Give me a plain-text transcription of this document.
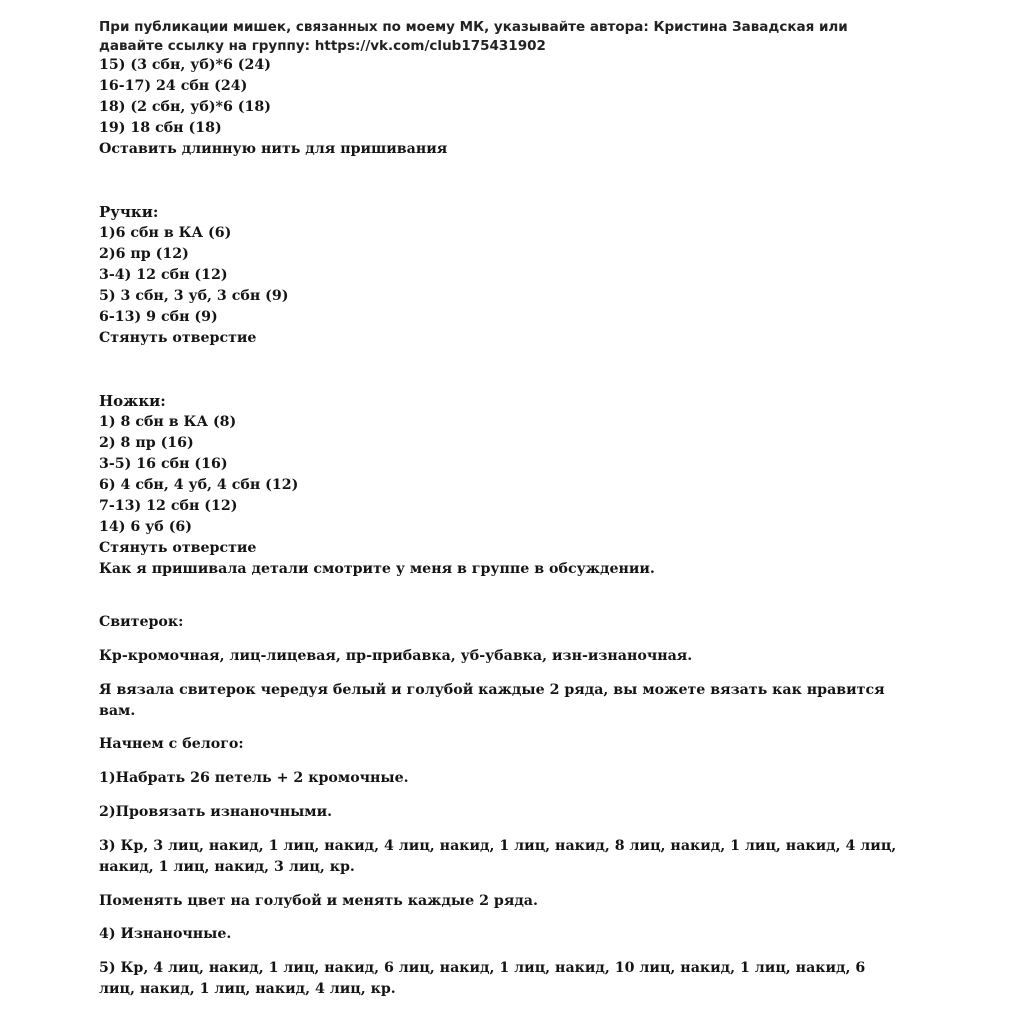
При публикации мишек, связанных по моему МК, указывайте автора: Кристина Завадская или
давайте ссылку на группу: https://vk.com/club175431902
15) (3 сбн, уб)*6 (24)
16-17) 24 сбн (24)
18) (2 сбн, уб)*6 (18)
19) 18 сбн (18)
Оставить длинную нить для пришивания
Ручки:
1)6 сбн в КА (6)
2)6 пр (12)
3-4) 12 сбн (12)
5) 3 сбн, 3 уб, 3 сбн (9)
6-13) 9 сбн (9)
Стянуть отверстие
Ножки:
1) 8 сбн в КА (8)
2) 8 пр (16)
3-5) 16 сбн (16)
6) 4 сбн, 4 уб, 4 сбн (12)
7-13) 12 сбн (12)
14) 6 уб (6)
Стянуть отверстие
Как я пришивала детали смотрите у меня в группе в обсуждении.

Свитерок:

Кр-кромочная, лиц-лицевая, пр-прибавка, уб-убавка, изн-изнаночная.

Я вязала свитерок чередуя белый и голубой каждые 2 ряда, вы можете вязать как нравится вам.

Начнем с белого:

1)Набрать 26 петель + 2 кромочные.

2)Провязать изнаночными.

3) Кр, 3 лиц, накид, 1 лиц, накид, 4 лиц, накид, 1 лиц, накид, 8 лиц, накид, 1 лиц, накид, 4 лиц, накид, 1 лиц, накид, 3 лиц, кр.

Поменять цвет на голубой и менять каждые 2 ряда.

4) Изнаночные.

5) Кр, 4 лиц, накид, 1 лиц, накид, 6 лиц, накид, 1 лиц, накид, 10 лиц, накид, 1 лиц, накид, 6 лиц, накид, 1 лиц, накид, 4 лиц, кр.
